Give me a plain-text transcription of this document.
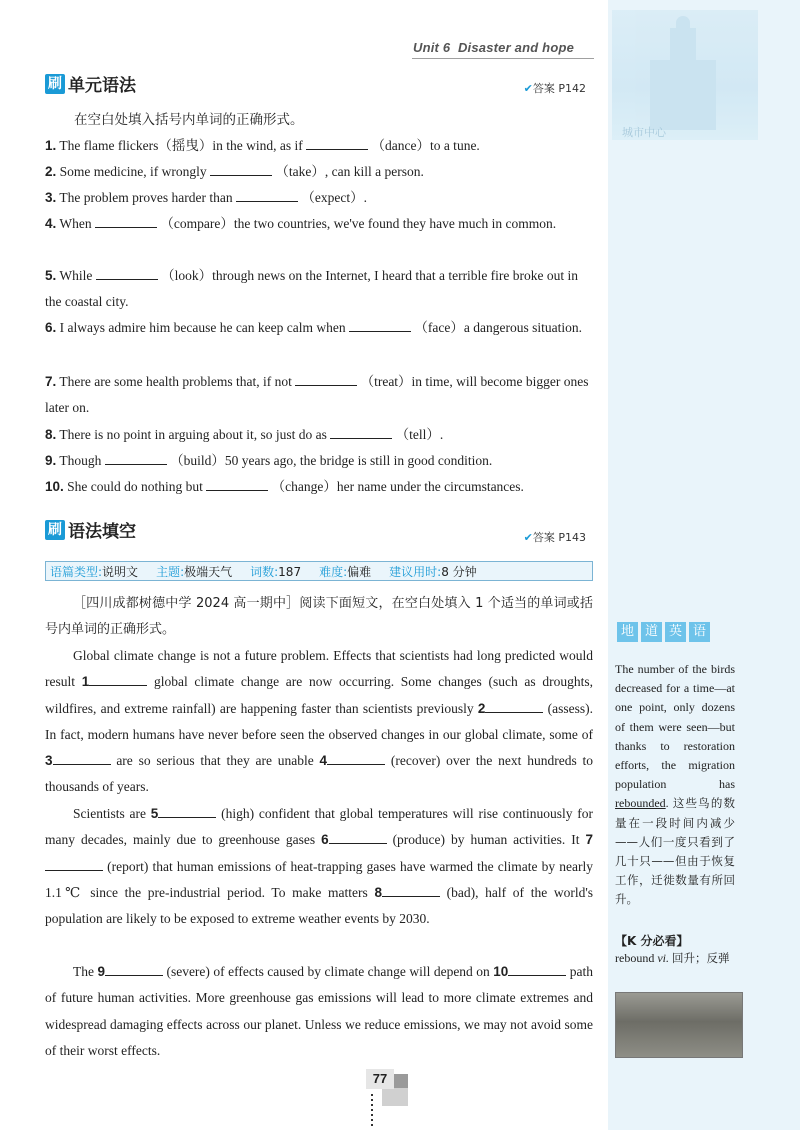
城市中心
Unit 6 Disaster and hope
刷 单元语法	✔答案 P142
在空白处填入括号内单词的正确形式。
1. The flame flickers（摇曳）in the wind, as if	（dance）to a tune.
2. Some medicine, if wrongly	（take）, can kill a person.
3. The problem proves harder than	（expect）.
4. When	（compare）the two countries, we've found they have much in common.
5. While	（look）through news on the Internet, I heard that a terrible fire broke out in the coastal city.
6. I always admire him because he can keep calm when	（face）a dangerous situation.
7. There are some health problems that, if not	（treat）in time, will become bigger ones later on.
8. There is no point in arguing about it, so just do as	（tell）.
9. Though	（build）50 years ago, the bridge is still in good condition.
10. She could do nothing but	（change）her name under the circumstances.
刷 语法填空	✔答案 P143
语篇类型:说明文 主题:极端天气 词数:187 难度:偏难 建议用时:8 分钟
［四川成都树德中学 2024 高一期中］阅读下面短文，在空白处填入 1 个适当的单词或括号内单词的正确形式。
Global climate change is not a future problem. Effects that scientists had long predicted would result 1	global climate change are now occurring. Some changes (such as droughts, wildfires, and extreme rainfall) are happening faster than scientists previously 2	(assess). In fact, modern humans have never before seen the observed changes in our global climate, some of 3	are so serious that they are unable 4	(recover) over the next hundreds to thousands of years.
Scientists are 5	(high) confident that global temperatures will rise continuously for many decades, mainly due to greenhouse gases 6	(produce) by human activities. It 7 (report) that human emissions of heat-trapping gases have warmed the climate by nearly 1.1℃ since the pre-industrial period. To make matters 8	(bad), half of the world's population are likely to be exposed to extreme weather events by 2030.
The 9	(severe) of effects caused by climate change will depend on 10	path of future human activities. More greenhouse gas emissions will lead to more climate extremes and widespread damaging effects across our planet. Unless we reduce emissions, we may not avoid some of their worst effects.
地 道 英 语
The number of the birds decreased for a time—at one point, only dozens of them were seen—but thanks to restoration efforts, the migration population has rebounded. 这些鸟的数量在一段时间内减少——人们一度只看到了几十只——但由于恢复工作，迁徙数量有所回升。
【K 分必看】
rebound vi. 回升；反弹
77
